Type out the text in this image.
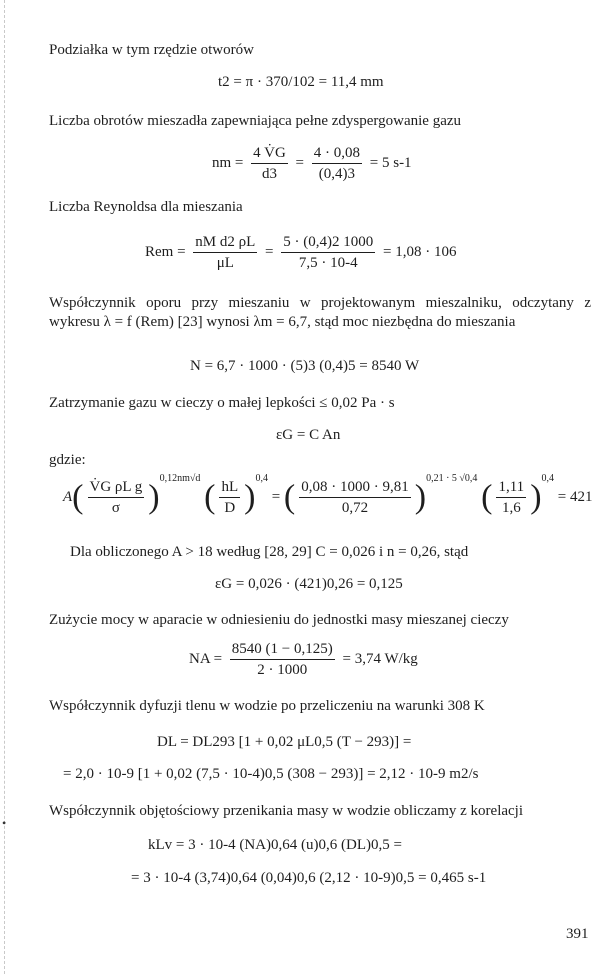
•

Podziałka w tym rzędzie otworów

t2 = π · 370/102 = 11,4 mm

Liczba obrotów mieszadła zapewniająca pełne zdyspergowanie gazu

nm = $\frac{4 V̇G}{d3} = \frac{4 \cdot 0,08}{(0,4)3} = 5$ s-1

Liczba Reynoldsa dla mieszania

Rem = $\frac{\text{nM d2 ρL}}{\mu L} = \frac{5 \cdot (0,4)2 1000}{7,5 \cdot 10-4} = 1,08 \cdot 106$

Współczynnik oporu przy mieszaniu w projektowanym mieszalniku, odczytany z wykresu λ = f (Rem) [23] wynosi λm = 6,7, stąd moc niezbędna do mieszania

N = 6,7 · 1000 · (5)3 (0,4)5 = 8540 W

Zatrzymanie gazu w cieczy o małej lepkości ≤ 0,02 Pa · s

εG = C An

gdzie:

$A( \frac{\text{V̇G ρL g}}{\sigma} )^{0,12nm√d}$ ( $\frac{hL}{D} )^{0,4}$ = ( $\frac{0,08 \cdot 1000 \cdot 9,81}{0,72} )^{0,21 \cdot 5 √0,4}$ ( $\frac{1,11}{1,6} )^{0,4} = 421$

Dla obliczonego A > 18 według [28, 29] C = 0,026 i n = 0,26, stąd

εG = 0,026 · (421)0,26 = 0,125

Zużycie mocy w aparacie w odniesieniu do jednostki masy mieszanej cieczy

NA = $\frac{8540 (1 - 0,125)}{2 \cdot 1000} = 3,74$ W/kg

Współczynnik dyfuzji tlenu w wodzie po przeliczeniu na warunki 308 K

DL = DL293 [1 + 0,02 μL0,5 (T − 293)] =
= 2,0 · 10-9 [1 + 0,02 (7,5 · 10-4)0,5 (308 − 293)] = 2,12 · 10-9 m2/s

Współczynnik objętościowy przenikania masy w wodzie obliczamy z korelacji

kLv = 3 · 10-4 (NA)0,64 (u)0,6 (DL)0,5 =
= 3 · 10-4 (3,74)0,64 (0,04)0,6 (2,12 · 10-9)0,5 = 0,465 s-1
391
